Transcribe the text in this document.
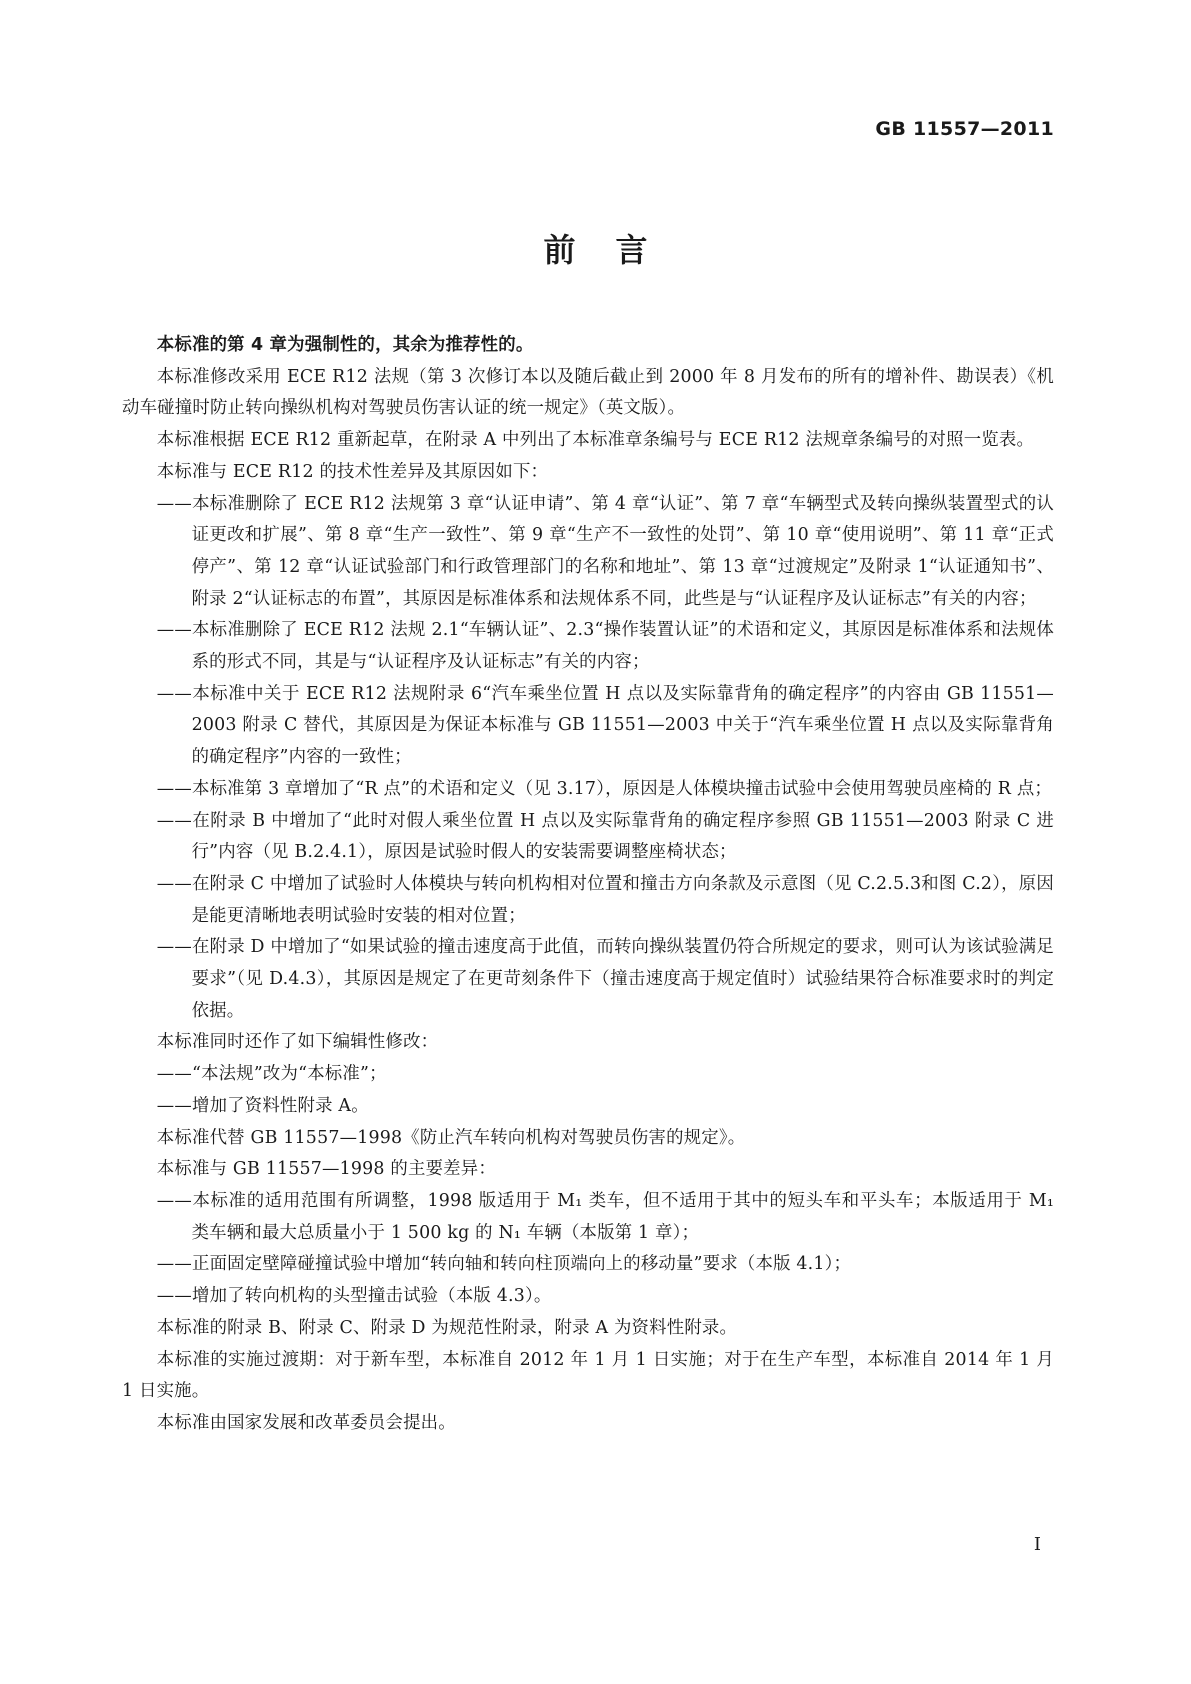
GB 11557—2011
前言

本标准的第 4 章为强制性的，其余为推荐性的。

本标准修改采用 ECE R12 法规（第 3 次修订本以及随后截止到 2000 年 8 月发布的所有的增补件、勘误表）《机动车碰撞时防止转向操纵机构对驾驶员伤害认证的统一规定》（英文版）。

本标准根据 ECE R12 重新起草，在附录 A 中列出了本标准章条编号与 ECE R12 法规章条编号的对照一览表。

本标准与 ECE R12 的技术性差异及其原因如下：

——本标准删除了 ECE R12 法规第 3 章“认证申请”、第 4 章“认证”、第 7 章“车辆型式及转向操纵装置型式的认证更改和扩展”、第 8 章“生产一致性”、第 9 章“生产不一致性的处罚”、第 10 章“使用说明”、第 11 章“正式停产”、第 12 章“认证试验部门和行政管理部门的名称和地址”、第 13 章“过渡规定”及附录 1“认证通知书”、附录 2“认证标志的布置”，其原因是标准体系和法规体系不同，此些是与“认证程序及认证标志”有关的内容；

——本标准删除了 ECE R12 法规 2.1“车辆认证”、2.3“操作装置认证”的术语和定义，其原因是标准体系和法规体系的形式不同，其是与“认证程序及认证标志”有关的内容；

——本标准中关于 ECE R12 法规附录 6“汽车乘坐位置 H 点以及实际靠背角的确定程序”的内容由 GB 11551—2003 附录 C 替代，其原因是为保证本标准与 GB 11551—2003 中关于“汽车乘坐位置 H 点以及实际靠背角的确定程序”内容的一致性；

——本标准第 3 章增加了“R 点”的术语和定义（见 3.17），原因是人体模块撞击试验中会使用驾驶员座椅的 R 点；

——在附录 B 中增加了“此时对假人乘坐位置 H 点以及实际靠背角的确定程序参照 GB 11551—2003 附录 C 进行”内容（见 B.2.4.1），原因是试验时假人的安装需要调整座椅状态；

——在附录 C 中增加了试验时人体模块与转向机构相对位置和撞击方向条款及示意图（见 C.2.5.3和图 C.2），原因是能更清晰地表明试验时安装的相对位置；

——在附录 D 中增加了“如果试验的撞击速度高于此值，而转向操纵装置仍符合所规定的要求，则可认为该试验满足要求”（见 D.4.3），其原因是规定了在更苛刻条件下（撞击速度高于规定值时）试验结果符合标准要求时的判定依据。

本标准同时还作了如下编辑性修改：

——“本法规”改为“本标准”；

——增加了资料性附录 A。

本标准代替 GB 11557—1998《防止汽车转向机构对驾驶员伤害的规定》。

本标准与 GB 11557—1998 的主要差异：

——本标准的适用范围有所调整，1998 版适用于 M₁ 类车，但不适用于其中的短头车和平头车；本版适用于 M₁ 类车辆和最大总质量小于 1 500 kg 的 N₁ 车辆（本版第 1 章）；

——正面固定壁障碰撞试验中增加“转向轴和转向柱顶端向上的移动量”要求（本版 4.1）；

——增加了转向机构的头型撞击试验（本版 4.3）。

本标准的附录 B、附录 C、附录 D 为规范性附录，附录 A 为资料性附录。

本标准的实施过渡期：对于新车型，本标准自 2012 年 1 月 1 日实施；对于在生产车型，本标准自 2014 年 1 月 1 日实施。

本标准由国家发展和改革委员会提出。

I
